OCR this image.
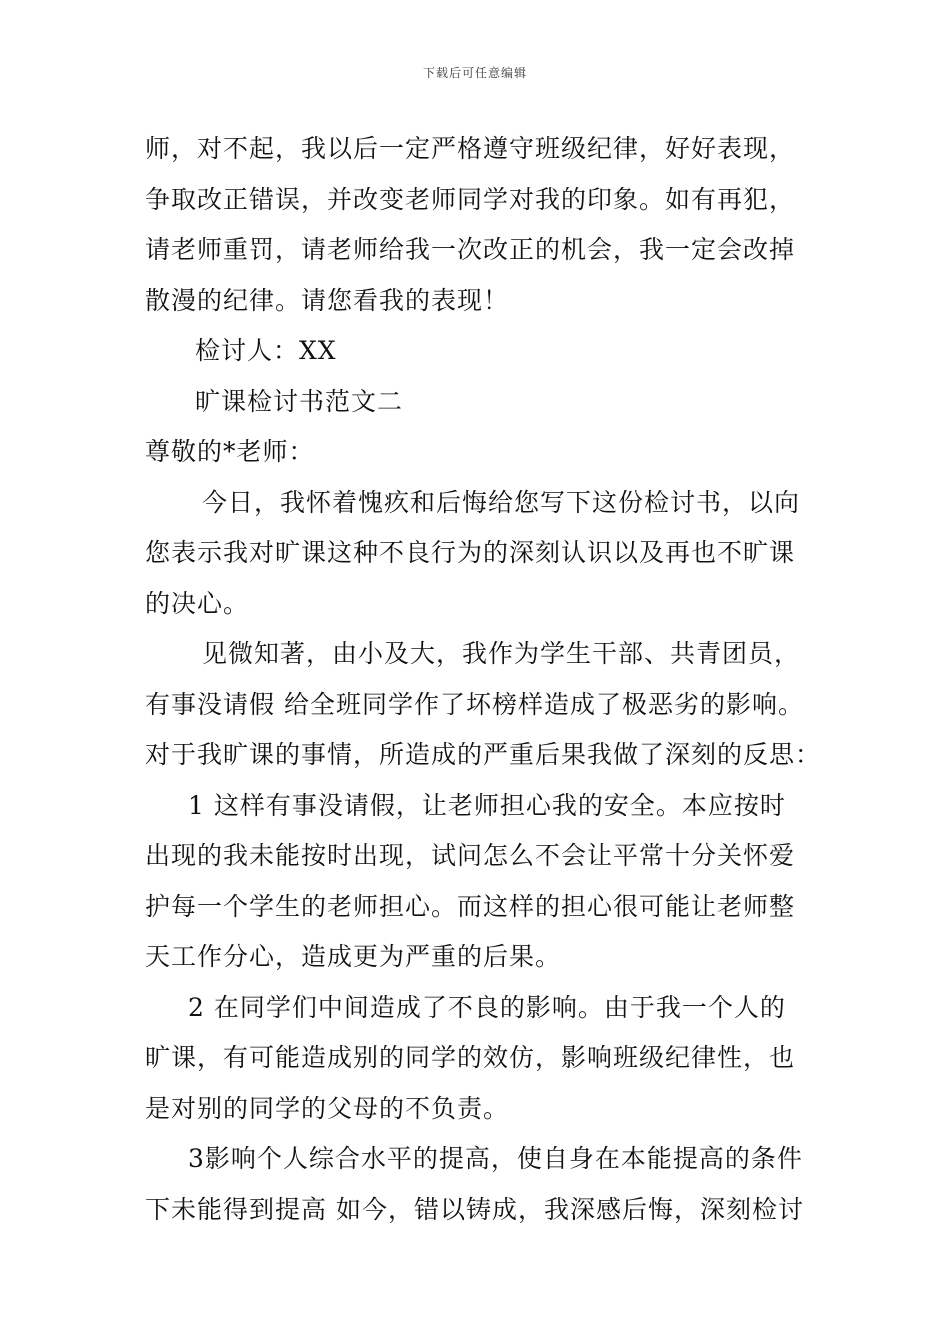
下载后可任意编辑
师，对不起，我以后一定严格遵守班级纪律，好好表现，
争取改正错误，并改变老师同学对我的印象。如有再犯，
请老师重罚，请老师给我一次改正的机会，我一定会改掉
散漫的纪律。请您看我的表现！
检讨人：XX
旷课检讨书范文二
尊敬的*老师：
今日，我怀着愧疚和后悔给您写下这份检讨书，以向
您表示我对旷课这种不良行为的深刻认识以及再也不旷课
的决心。
见微知著，由小及大，我作为学生干部、共青团员，
有事没请假 给全班同学作了坏榜样造成了极恶劣的影响。
对于我旷课的事情，所造成的严重后果我做了深刻的反思：
1 这样有事没请假，让老师担心我的安全。本应按时
出现的我未能按时出现，试问怎么不会让平常十分关怀爱
护每一个学生的老师担心。而这样的担心很可能让老师整
天工作分心，造成更为严重的后果。
2 在同学们中间造成了不良的影响。由于我一个人的
旷课，有可能造成别的同学的效仿，影响班级纪律性，也
是对别的同学的父母的不负责。
3影响个人综合水平的提高，使自身在本能提高的条件
下未能得到提高 如今，错以铸成，我深感后悔，深刻检讨
